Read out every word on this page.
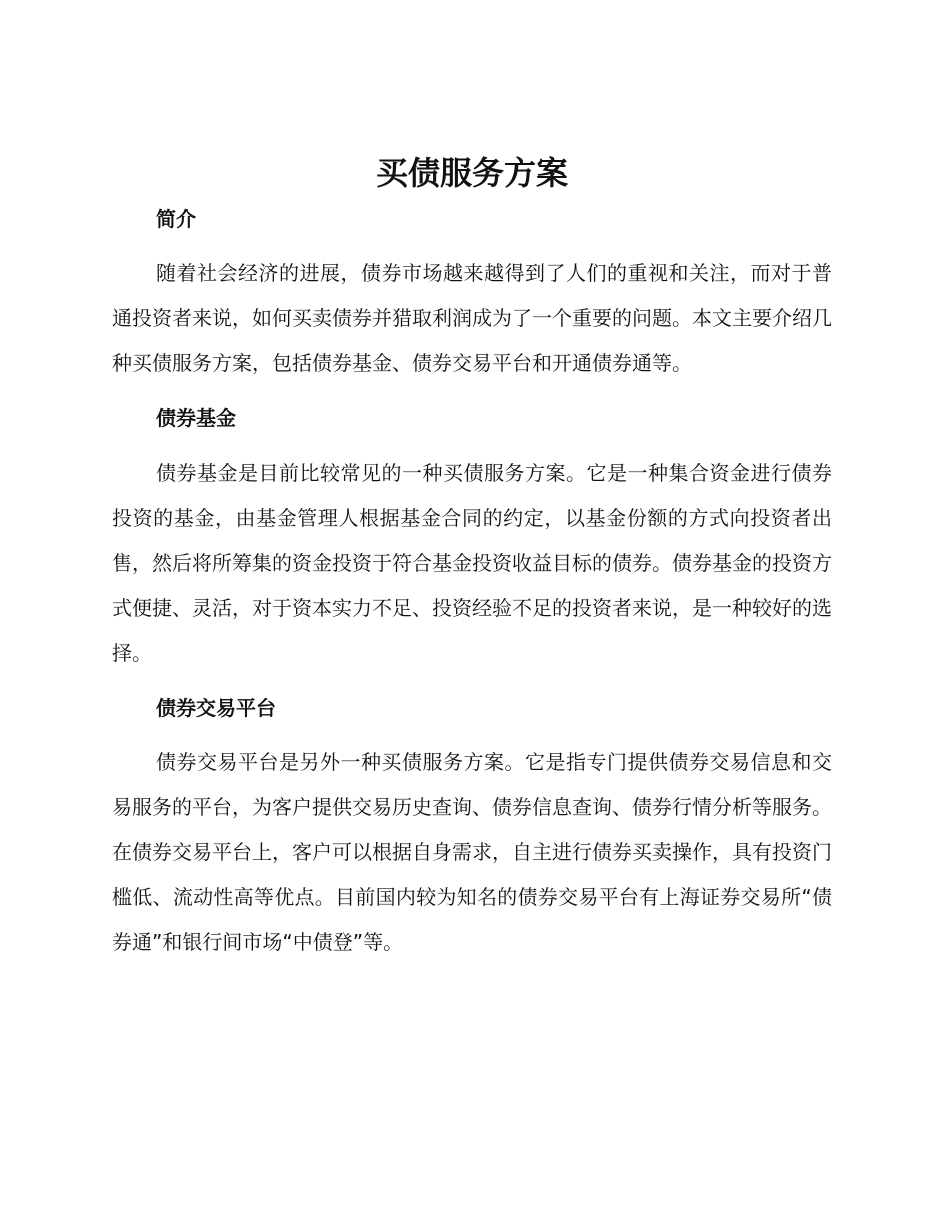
买债服务方案
简介

随着社会经济的进展，债券市场越来越得到了人们的重视和关注，而对于普通投资者来说，如何买卖债券并猎取利润成为了一个重要的问题。本文主要介绍几种买债服务方案，包括债券基金、债券交易平台和开通债券通等。

债券基金

债券基金是目前比较常见的一种买债服务方案。它是一种集合资金进行债券投资的基金，由基金管理人根据基金合同的约定，以基金份额的方式向投资者出售，然后将所筹集的资金投资于符合基金投资收益目标的债券。债券基金的投资方式便捷、灵活，对于资本实力不足、投资经验不足的投资者来说，是一种较好的选择。

债券交易平台

债券交易平台是另外一种买债服务方案。它是指专门提供债券交易信息和交易服务的平台，为客户提供交易历史查询、债券信息查询、债券行情分析等服务。在债券交易平台上，客户可以根据自身需求，自主进行债券买卖操作，具有投资门槛低、流动性高等优点。目前国内较为知名的债券交易平台有上海证券交易所“债券通”和银行间市场“中债登”等。
